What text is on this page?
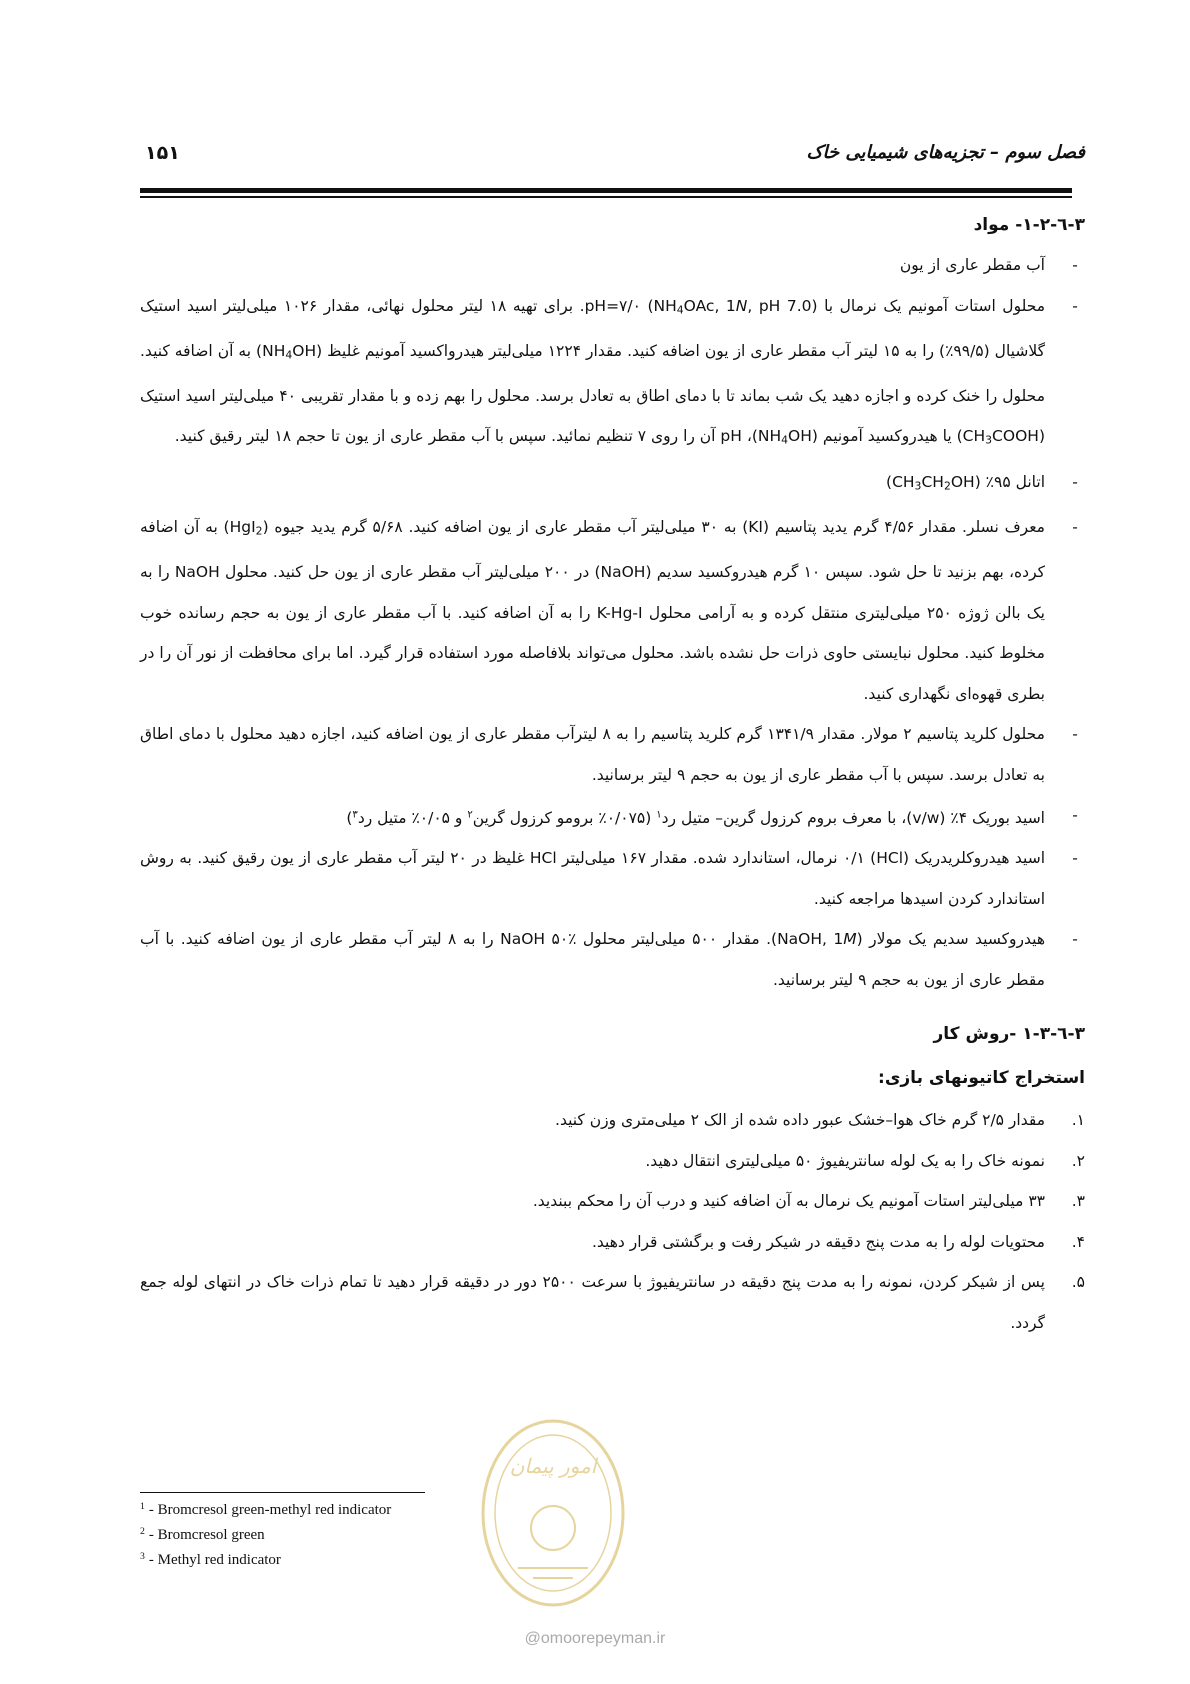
فصل سوم – تجزیه‌های شیمیایی خاک
۱۵۱
۳-٦-۱-۲- مواد
-
آب مقطر عاری از یون
-
محلول استات آمونیم یک نرمال با pH=۷/۰ ($NH_4OAc$, 1N, pH 7.0). برای تهیه ۱۸ لیتر محلول نهائی، مقدار ۱۰۲۶ میلی‌لیتر اسید استیک گلاشیال (۹۹/۵٪) را به ۱۵ لیتر آب مقطر عاری از یون اضافه کنید. مقدار ۱۲۲۴ میلی‌لیتر هیدرواکسید آمونیم غلیظ $(NH_4OH)$ به آن اضافه کنید. محلول را خنک کرده و اجازه دهید یک شب بماند تا با دمای اطاق به تعادل برسد. محلول را بهم زده و با مقدار تقریبی ۴۰ میلی‌لیتر اسید استیک $(CH_3COOH)$ یا هیدروکسید آمونیم $(NH_4OH)،$ pH آن را روی ۷ تنظیم نمائید. سپس با آب مقطر عاری از یون تا حجم ۱۸ لیتر رقیق کنید.
-
اتانل ۹۵٪ $(CH_3CH_2OH)$
-
معرف نسلر. مقدار ۴/۵۶ گرم یدید پتاسیم (KI) به ۳۰ میلی‌لیتر آب مقطر عاری از یون اضافه کنید. ۵/۶۸ گرم یدید جیوه (HgI$_2$) به آن اضافه کرده، بهم بزنید تا حل شود. سپس ۱۰ گرم هیدروکسید سدیم (NaOH) در ۲۰۰ میلی‌لیتر آب مقطر عاری از یون حل کنید. محلول NaOH را به یک بالن ژوژه ۲۵۰ میلی‌لیتری منتقل کرده و به آرامی محلول K-Hg-I را به آن اضافه کنید. با آب مقطر عاری از یون به حجم رسانده خوب مخلوط کنید. محلول نبایستی حاوی ذرات حل نشده باشد. محلول می‌تواند بلافاصله مورد استفاده قرار گیرد. اما برای محافظت از نور آن را در بطری قهوه‌ای نگهداری کنید.
-
محلول کلرید پتاسیم ۲ مولار. مقدار ۱۳۴۱/۹ گرم کلرید پتاسیم را به ۸ لیترآب مقطر عاری از یون اضافه کنید، اجازه دهید محلول با دمای اطاق به تعادل برسد. سپس با آب مقطر عاری از یون به حجم ۹ لیتر برسانید.
-
اسید بوریک ۴٪ (v/w)، با معرف بروم کرزول گرین– متیل رد$^۱$ (۰/۰۷۵٪ برومو کرزول گرین$^۲$ و ۰/۰۵٪ متیل رد$^۳$)
-
اسید هیدروکلریدریک (HCl) ۰/۱ نرمال، استاندارد شده. مقدار ۱۶۷ میلی‌لیتر HCl غلیظ در ۲۰ لیتر آب مقطر عاری از یون رقیق کنید. به روش استاندارد کردن اسیدها مراجعه کنید.
-
هیدروکسید سدیم یک مولار (NaOH, 1M). مقدار ۵۰۰ میلی‌لیتر محلول NaOH ۵۰٪ را به ۸ لیتر آب مقطر عاری از یون اضافه کنید. با آب مقطر عاری از یون به حجم ۹ لیتر برسانید.
۳-٦-۱-۳ -روش کار
استخراج کاتیونهای بازی:
۱.
مقدار ۲/۵ گرم خاک هوا–خشک عبور داده شده از الک ۲ میلی‌متری وزن کنید.
۲.
نمونه خاک را به یک لوله سانتریفیوژ ۵۰ میلی‌لیتری انتقال دهید.
۳.
۳۳ میلی‌لیتر استات آمونیم یک نرمال به آن اضافه کنید و درب آن را محکم ببندید.
۴.
محتویات لوله را به مدت پنج دقیقه در شیکر رفت و برگشتی قرار دهید.
۵.
پس از شیکر کردن، نمونه را به مدت پنج دقیقه در سانتریفیوژ با سرعت ۲۵۰۰ دور در دقیقه قرار دهید تا تمام ذرات خاک در انتهای لوله جمع گردد.
$^1$ - Bromcresol green-methyl red indicator
$^2$ - Bromcresol green
$^3$ - Methyl red indicator
امور پیمان
@omoorepeyman.ir
